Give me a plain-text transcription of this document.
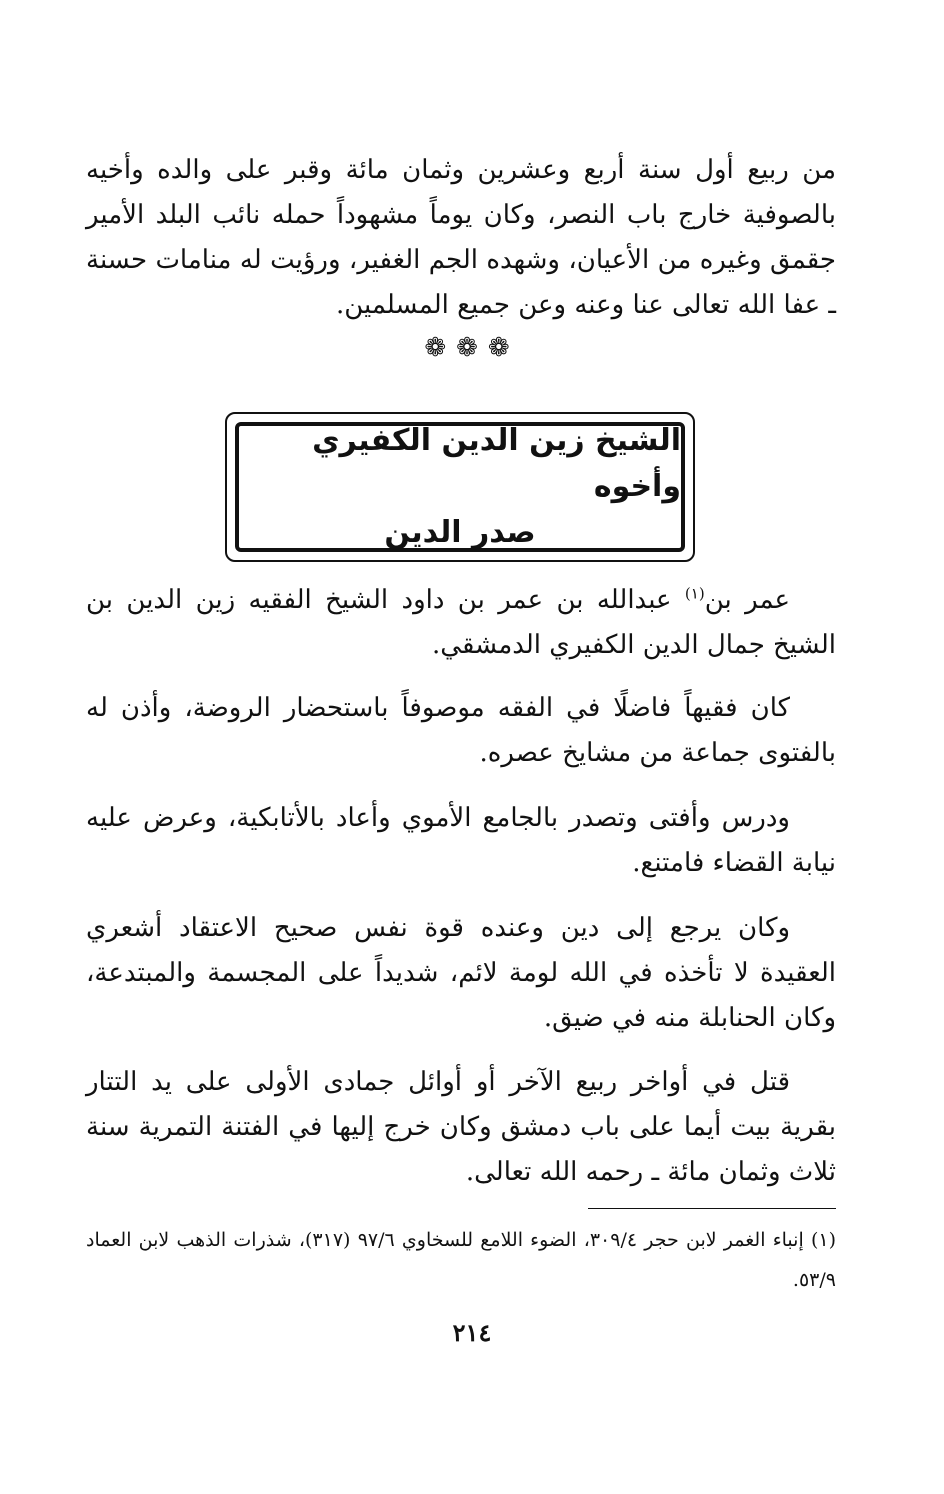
من ربيع أول سنة أربع وعشرين وثمان مائة وقبر على والده وأخيه بالصوفية خارج باب النصر، وكان يوماً مشهوداً حمله نائب البلد الأمير جقمق وغيره من الأعيان، وشهده الجم الغفير، ورؤيت له منامات حسنة ـ عفا الله تعالى عنا وعنه وعن جميع المسلمين.
❁❁❁
الشيخ زين الدين الكفيري وأخوه
صدر الدين
عمر بن$^{(١)}$ عبدالله بن عمر بن داود الشيخ الفقيه زين الدين بن الشيخ جمال الدين الكفيري الدمشقي.
كان فقيهاً فاضلًا في الفقه موصوفاً باستحضار الروضة، وأذن له بالفتوى جماعة من مشايخ عصره.
ودرس وأفتى وتصدر بالجامع الأموي وأعاد بالأتابكية، وعرض عليه نيابة القضاء فامتنع.
وكان يرجع إلى دين وعنده قوة نفس صحيح الاعتقاد أشعري العقيدة لا تأخذه في الله لومة لائم، شديداً على المجسمة والمبتدعة، وكان الحنابلة منه في ضيق.
قتل في أواخر ربيع الآخر أو أوائل جمادى الأولى على يد التتار بقرية بيت أيما على باب دمشق وكان خرج إليها في الفتنة التمرية سنة ثلاث وثمان مائة ـ رحمه الله تعالى.
(١) إنباء الغمر لابن حجر ٣٠٩/٤، الضوء اللامع للسخاوي ٩٧/٦ (٣١٧)، شذرات الذهب لابن العماد ٥٣/٩.
٢١٤
